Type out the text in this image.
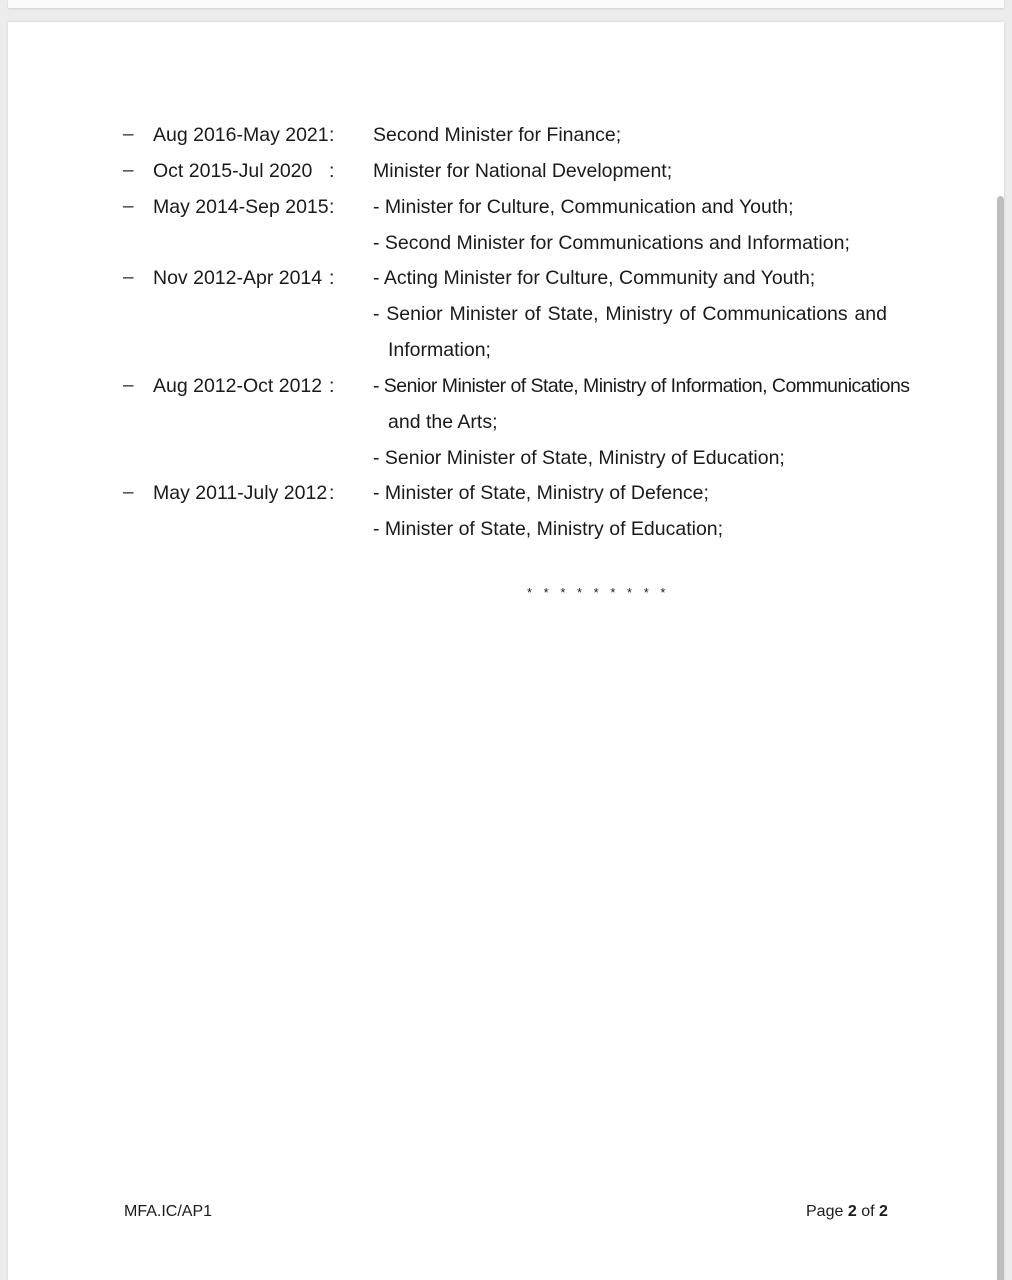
– Aug 2016-May 2021 : Second Minister for Finance;
– Oct 2015-Jul 2020 : Minister for National Development;
– May 2014-Sep 2015 : - Minister for Culture, Communication and Youth;
- Second Minister for Communications and Information;
– Nov 2012-Apr 2014 : - Acting Minister for Culture, Community and Youth;
- Senior Minister of State, Ministry of Communications and
Information;
– Aug 2012-Oct 2012 : - Senior Minister of State, Ministry of Information, Communications
and the Arts;
- Senior Minister of State, Ministry of Education;
– May 2011-July 2012 : - Minister of State, Ministry of Defence;
- Minister of State, Ministry of Education;
* * * * * * * * *
MFA.IC/AP1	Page 2 of 2
